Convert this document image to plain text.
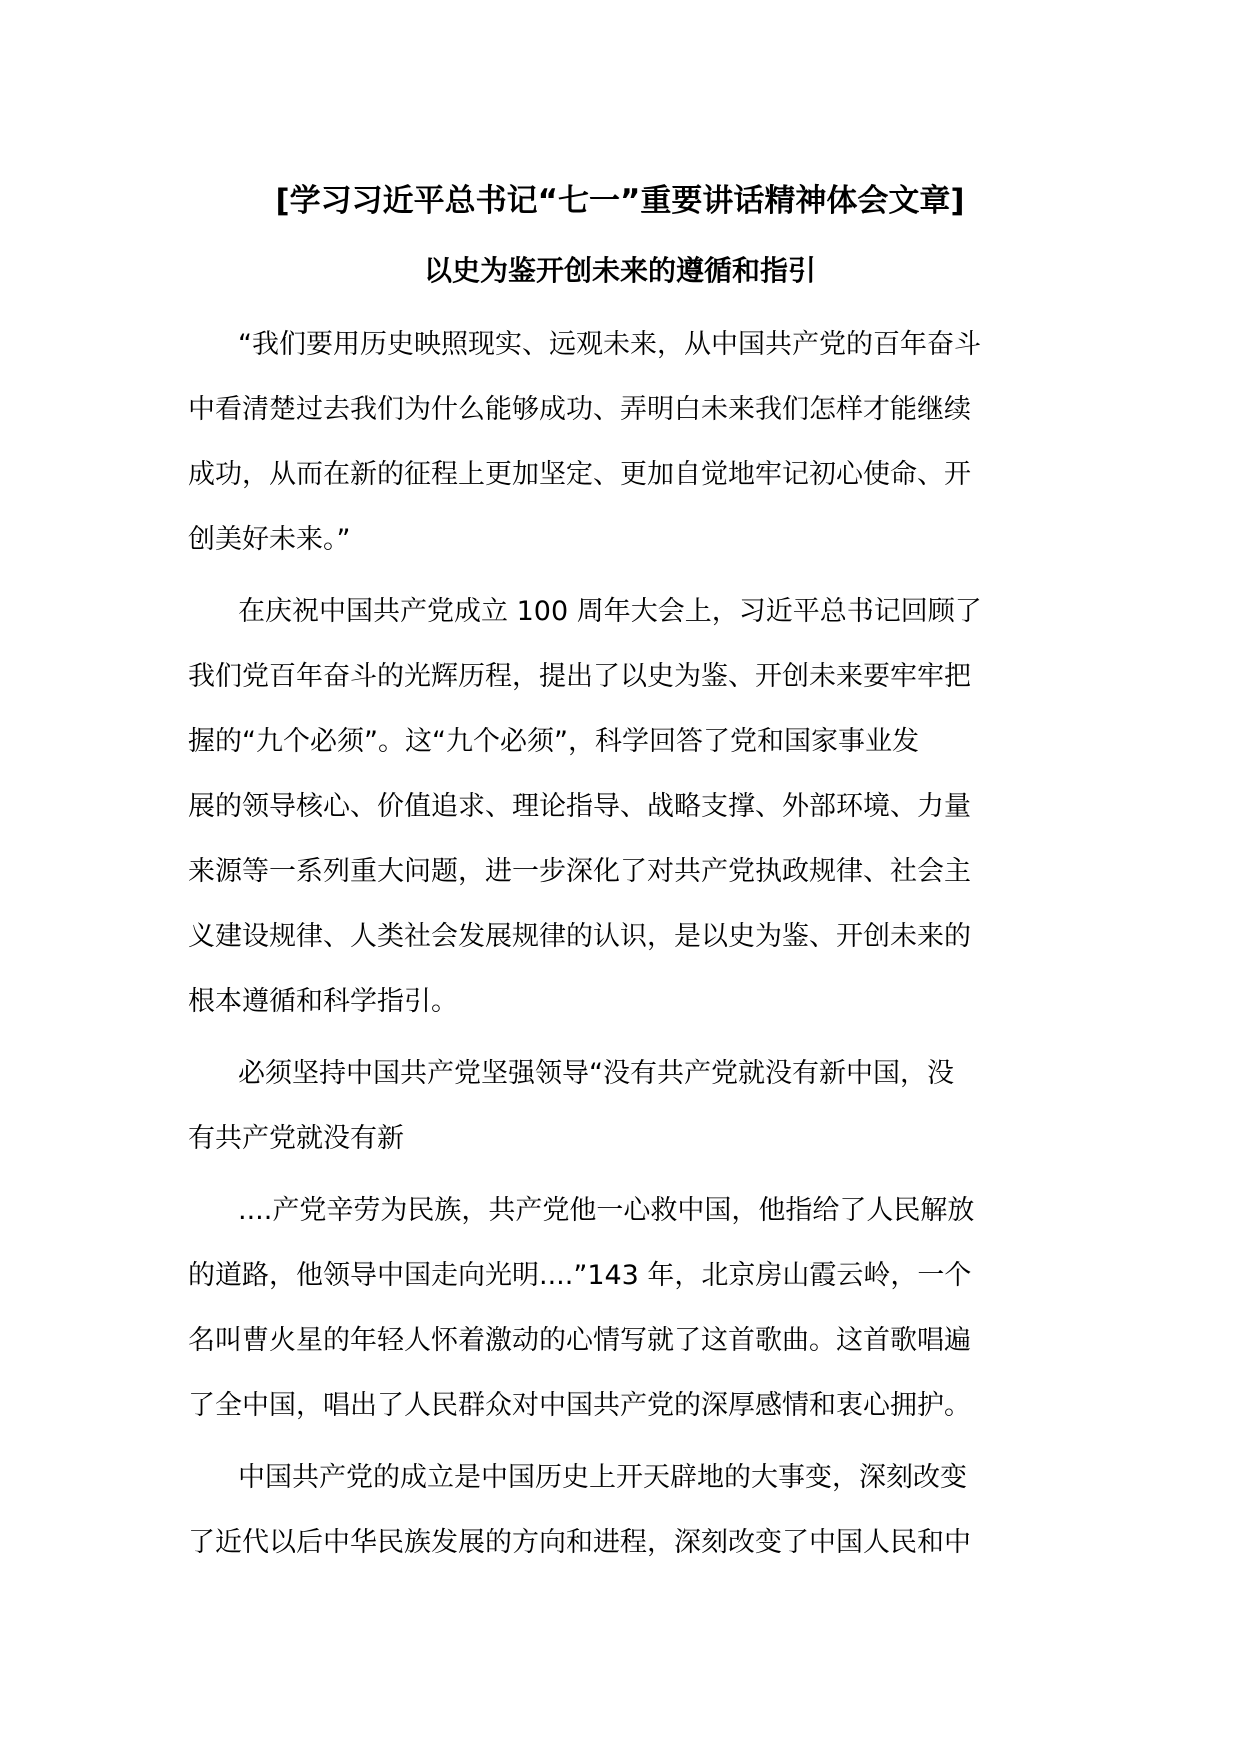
[学习习近平总书记“七一”重要讲话精神体会文章]
以史为鉴开创未来的遵循和指引
“我们要用历史映照现实、远观未来，从中国共产党的百年奋斗
中看清楚过去我们为什么能够成功、弄明白未来我们怎样才能继续
成功，从而在新的征程上更加坚定、更加自觉地牢记初心使命、开
创美好未来。”
在庆祝中国共产党成立 100 周年大会上，习近平总书记回顾了
我们党百年奋斗的光辉历程，提出了以史为鉴、开创未来要牢牢把
握的“九个必须”。这“九个必须”，科学回答了党和国家事业发
展的领导核心、价值追求、理论指导、战略支撑、外部环境、力量
来源等一系列重大问题，进一步深化了对共产党执政规律、社会主
义建设规律、人类社会发展规律的认识，是以史为鉴、开创未来的
根本遵循和科学指引。
必须坚持中国共产党坚强领导“没有共产党就没有新中国，没
有共产党就没有新
....产党辛劳为民族，共产党他一心救中国，他指给了人民解放
的道路，他领导中国走向光明....”143 年，北京房山霞云岭，一个
名叫曹火星的年轻人怀着激动的心情写就了这首歌曲。这首歌唱遍
了全中国，唱出了人民群众对中国共产党的深厚感情和衷心拥护。
中国共产党的成立是中国历史上开天辟地的大事变，深刻改变
了近代以后中华民族发展的方向和进程，深刻改变了中国人民和中
